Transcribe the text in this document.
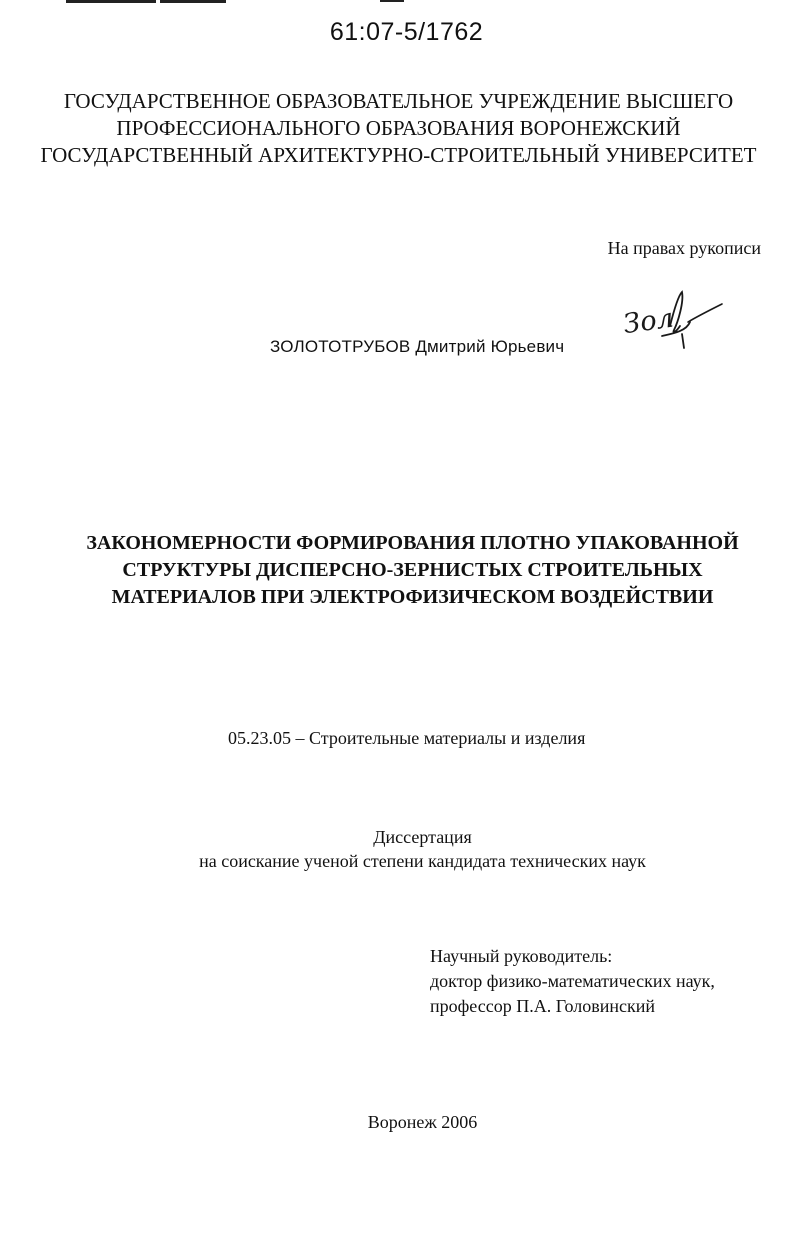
61:07-5/1762
ГОСУДАРСТВЕННОЕ ОБРАЗОВАТЕЛЬНОЕ УЧРЕЖДЕНИЕ ВЫСШЕГО
ПРОФЕССИОНАЛЬНОГО ОБРАЗОВАНИЯ ВОРОНЕЖСКИЙ
ГОСУДАРСТВЕННЫЙ АРХИТЕКТУРНО-СТРОИТЕЛЬНЫЙ УНИВЕРСИТЕТ
На правах рукописи
Зол
ЗОЛОТОТРУБОВ Дмитрий Юрьевич
ЗАКОНОМЕРНОСТИ ФОРМИРОВАНИЯ ПЛОТНО УПАКОВАННОЙ
СТРУКТУРЫ ДИСПЕРСНО-ЗЕРНИСТЫХ СТРОИТЕЛЬНЫХ
МАТЕРИАЛОВ ПРИ ЭЛЕКТРОФИЗИЧЕСКОМ ВОЗДЕЙСТВИИ
05.23.05 – Строительные материалы и изделия
Диссертация
на соискание ученой степени кандидата технических наук
Научный руководитель:
доктор физико-математических наук,
профессор П.А. Головинский
Воронеж 2006
